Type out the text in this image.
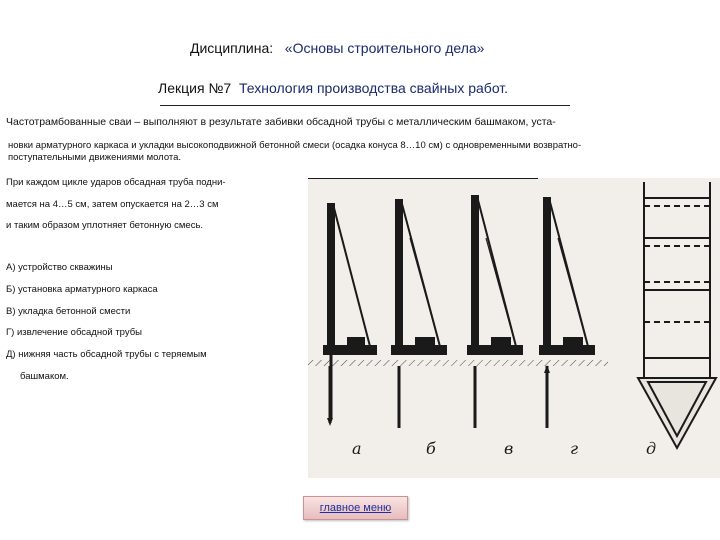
Дисциплина: «Основы строительного дела»
Лекция №7 Технология производства свайных работ.
Частотрамбованные сваи – выполняют в результате забивки обсадной трубы с металлическим башмаком, уста-
новки арматурного каркаса и укладки высокоподвижной бетонной смеси (осадка конуса 8…10 см) с одновременными возвратно-
поступательными движениями молота.
При каждом цикле ударов обсадная труба подни-
мается на 4…5 см, затем опускается на 2…3 см
и таким образом уплотняет бетонную смесь.
А) устройство скважины
Б) установка арматурного каркаса
В) укладка бетонной смести
Г) извлечение обсадной трубы
Д) нижняя часть обсадной трубы с теряемым
башмаком.
а	б	в	г	д
главное меню
